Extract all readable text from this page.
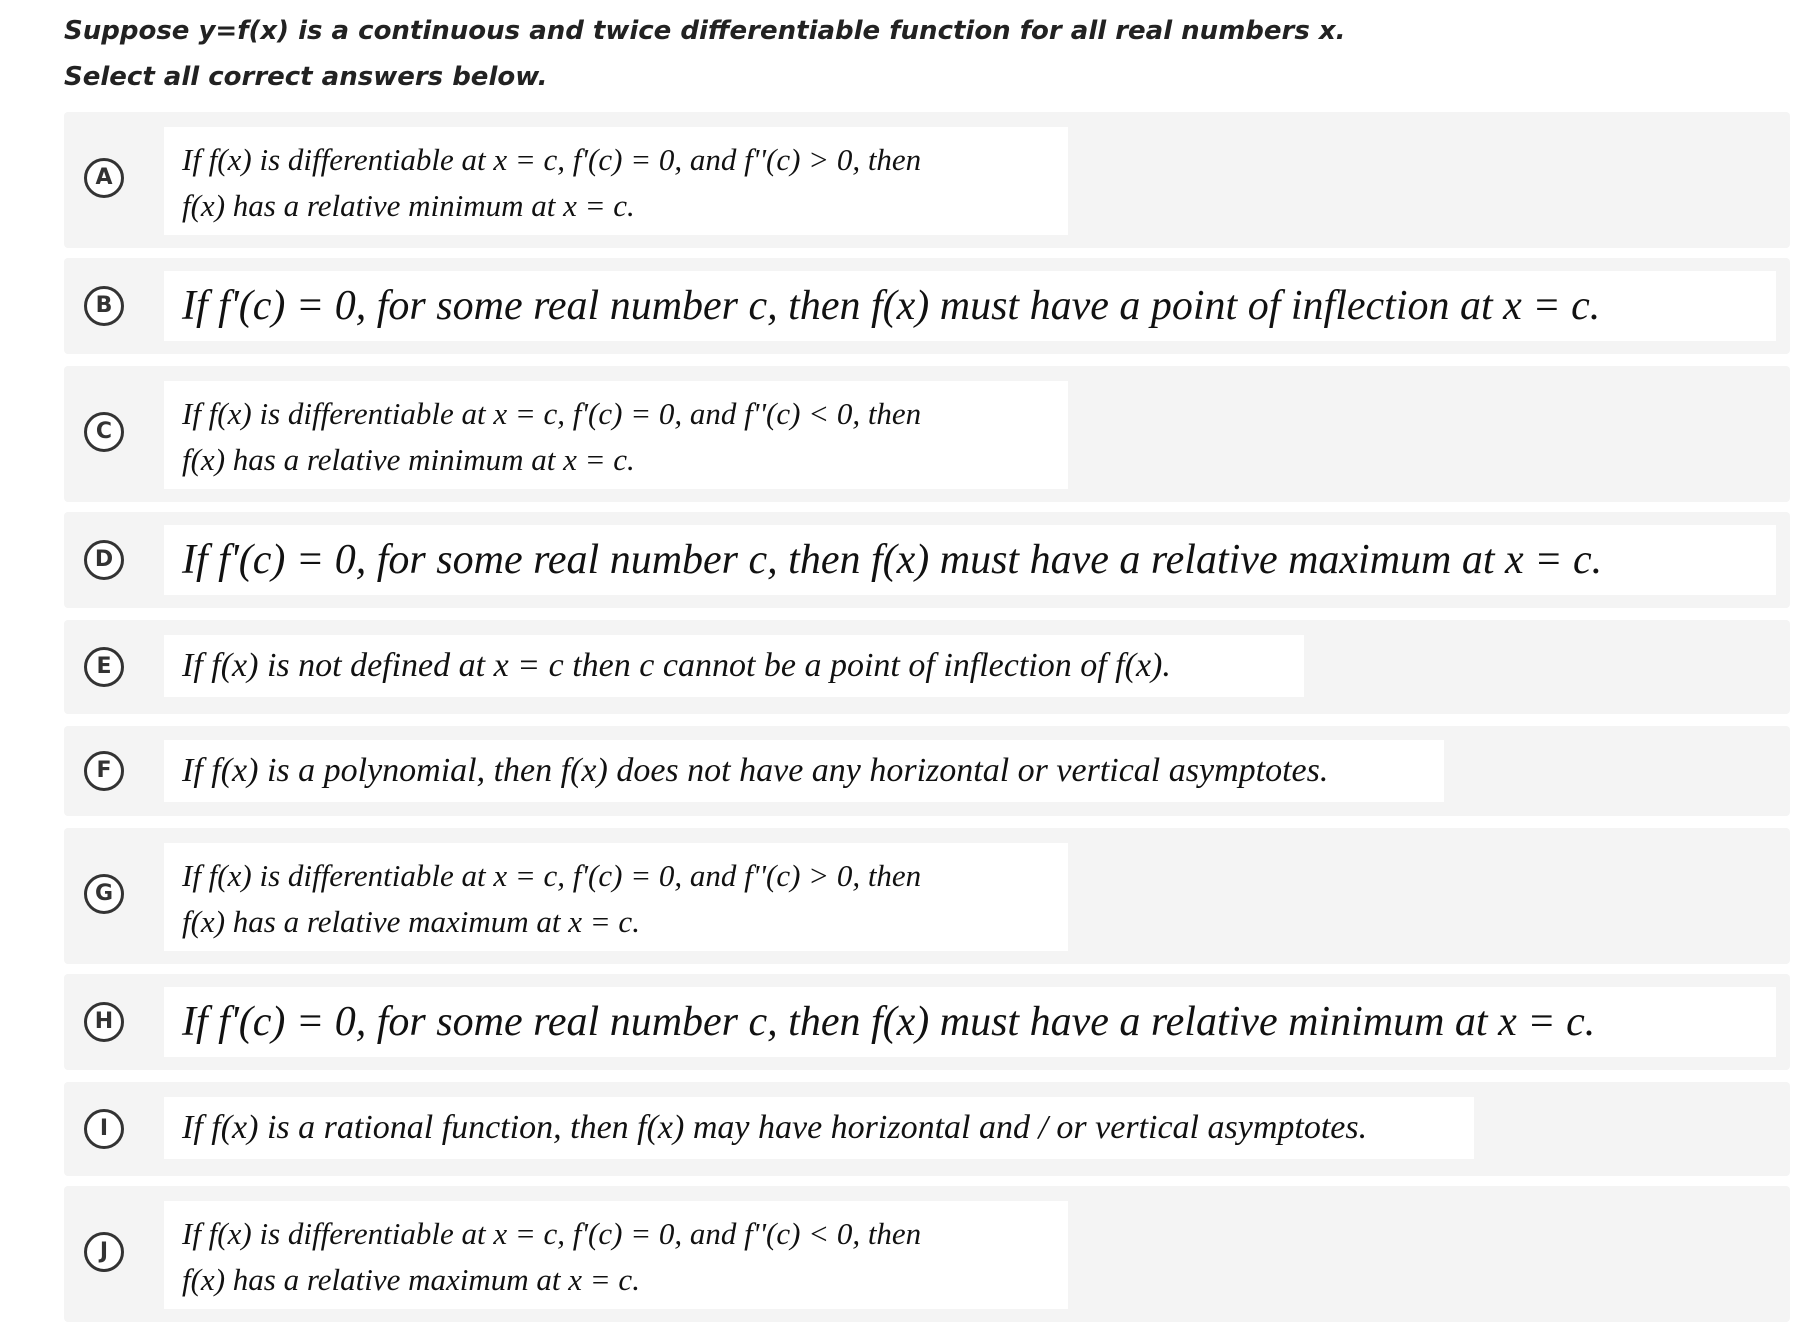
Suppose y=f(x) is a continuous and twice differentiable function for all real numbers x.
Select all correct answers below.
A
If f(x) is differentiable at x = c, f'(c) = 0, and f''(c) > 0, then
f(x) has a relative minimum at x = c.
B If f'(c) = 0, for some real number c, then f(x) must have a point of inflection at x = c.
C
If f(x) is differentiable at x = c, f'(c) = 0, and f''(c) < 0, then
f(x) has a relative minimum at x = c.
D If f'(c) = 0, for some real number c, then f(x) must have a relative maximum at x = c.
E	If f(x) is not defined at x = c then c cannot be a point of inflection of f(x).
F	If f(x) is a polynomial, then f(x) does not have any horizontal or vertical asymptotes.
G
If f(x) is differentiable at x = c, f'(c) = 0, and f''(c) > 0, then
f(x) has a relative maximum at x = c.
H If f'(c) = 0, for some real number c, then f(x) must have a relative minimum at x = c.
I	If f(x) is a rational function, then f(x) may have horizontal and / or vertical asymptotes.
J
If f(x) is differentiable at x = c, f'(c) = 0, and f''(c) < 0, then
f(x) has a relative maximum at x = c.
